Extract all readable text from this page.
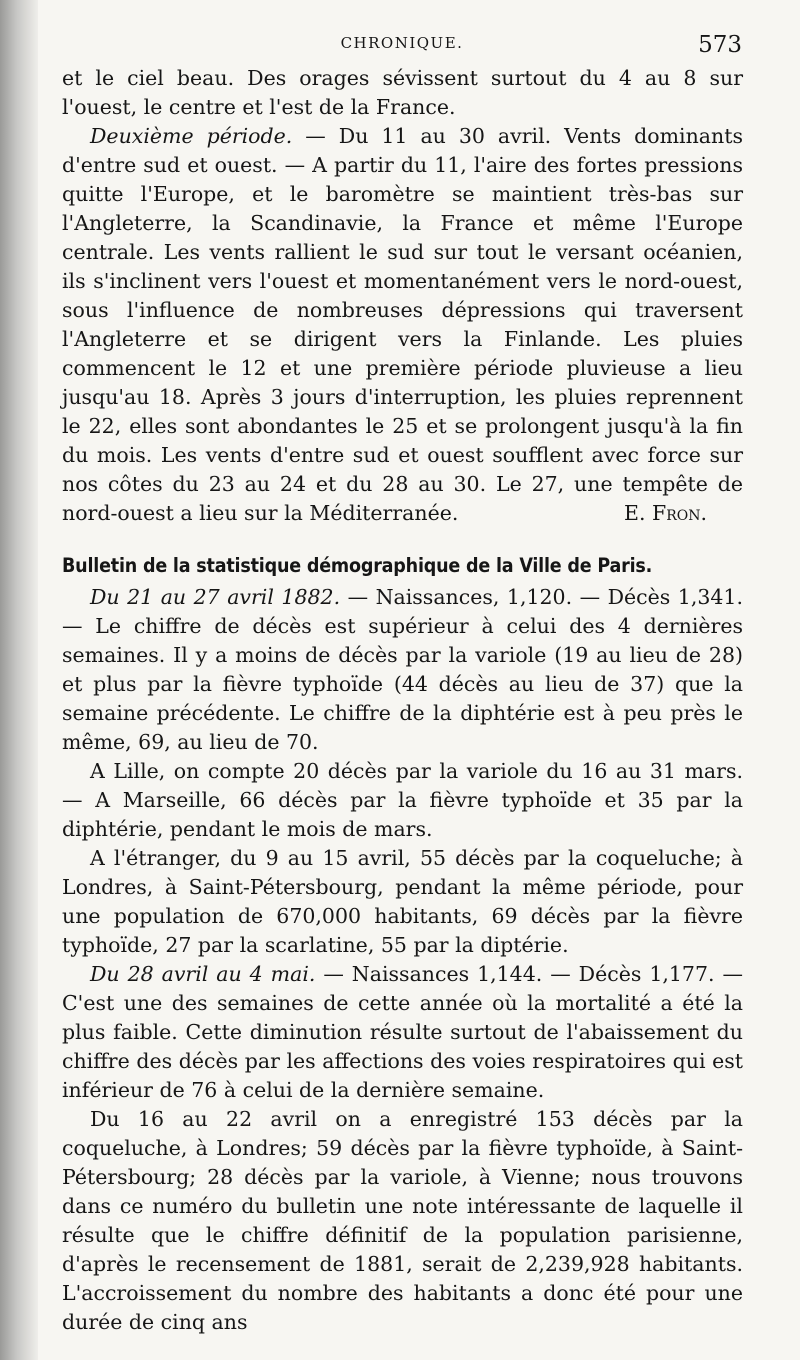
CHRONIQUE.	573

et le ciel beau. Des orages sévissent surtout du 4 au 8 sur l'ouest, le centre et l'est de la France.

Deuxième période. — Du 11 au 30 avril. Vents dominants d'entre sud et ouest. — A partir du 11, l'aire des fortes pressions quitte l'Europe, et le baromètre se maintient très-bas sur l'Angleterre, la Scandinavie, la France et même l'Europe centrale. Les vents rallient le sud sur tout le versant océanien, ils s'inclinent vers l'ouest et momentanément vers le nord-ouest, sous l'influence de nombreuses dépressions qui traversent l'Angleterre et se dirigent vers la Finlande. Les pluies commencent le 12 et une première période pluvieuse a lieu jusqu'au 18. Après 3 jours d'interruption, les pluies reprennent le 22, elles sont abondantes le 25 et se prolongent jusqu'à la fin du mois. Les vents d'entre sud et ouest soufflent avec force sur nos côtes du 23 au 24 et du 28 au 30. Le 27, une tempête de nord-ouest a lieu sur la Méditerranée.	E. Fron.

Bulletin de la statistique démographique de la Ville de Paris.

Du 21 au 27 avril 1882. — Naissances, 1,120. — Décès 1,341. — Le chiffre de décès est supérieur à celui des 4 dernières semaines. Il y a moins de décès par la variole (19 au lieu de 28) et plus par la fièvre typhoïde (44 décès au lieu de 37) que la semaine précédente. Le chiffre de la diphtérie est à peu près le même, 69, au lieu de 70.

A Lille, on compte 20 décès par la variole du 16 au 31 mars. — A Marseille, 66 décès par la fièvre typhoïde et 35 par la diphtérie, pendant le mois de mars.

A l'étranger, du 9 au 15 avril, 55 décès par la coqueluche; à Londres, à Saint-Pétersbourg, pendant la même période, pour une population de 670,000 habitants, 69 décès par la fièvre typhoïde, 27 par la scarlatine, 55 par la diptérie.

Du 28 avril au 4 mai. — Naissances 1,144. — Décès 1,177. — C'est une des semaines de cette année où la mortalité a été la plus faible. Cette diminution résulte surtout de l'abaissement du chiffre des décès par les affections des voies respiratoires qui est inférieur de 76 à celui de la dernière semaine.

Du 16 au 22 avril on a enregistré 153 décès par la coqueluche, à Londres; 59 décès par la fièvre typhoïde, à Saint-Pétersbourg; 28 décès par la variole, à Vienne; nous trouvons dans ce numéro du bulletin une note intéressante de laquelle il résulte que le chiffre définitif de la population parisienne, d'après le recensement de 1881, serait de 2,239,928 habitants. L'accroissement du nombre des habitants a donc été pour une durée de cinq ans
